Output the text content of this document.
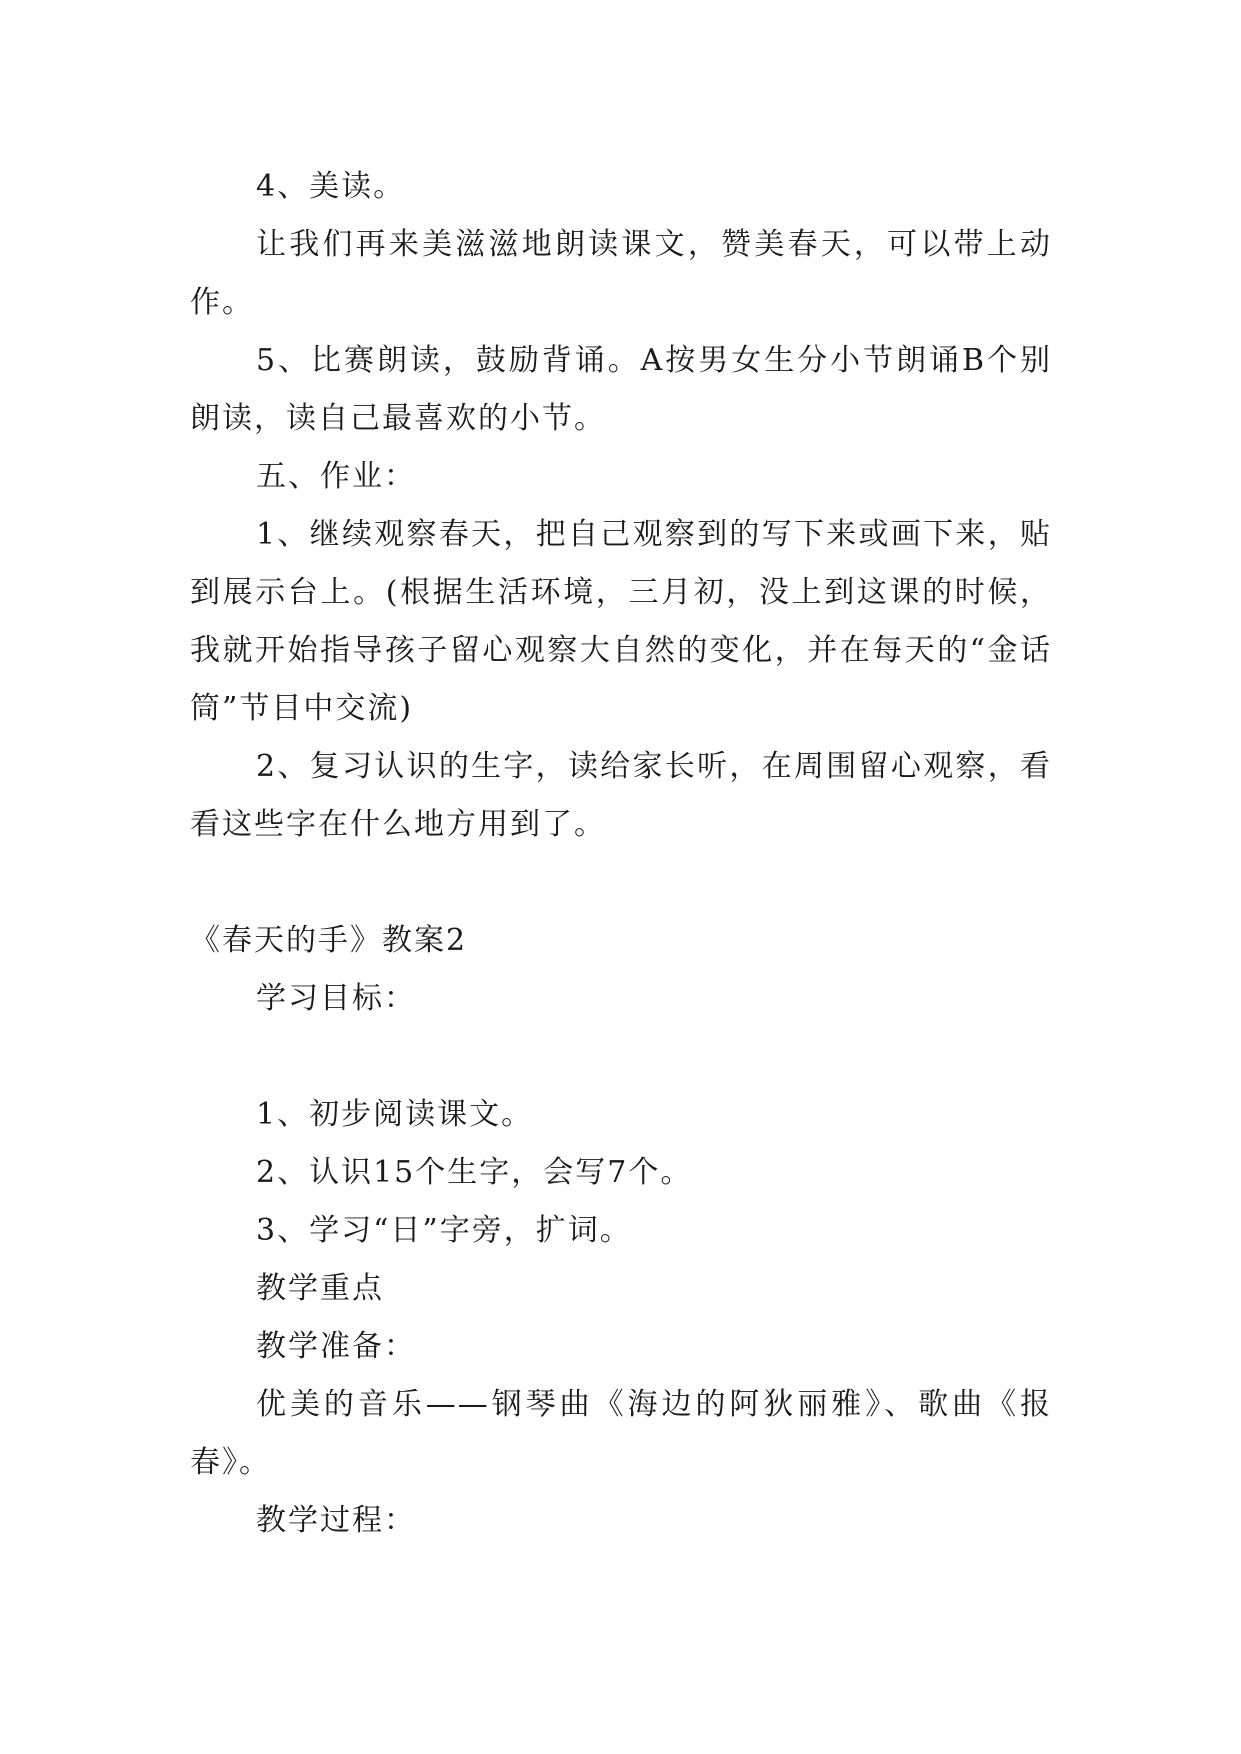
4、美读。

让我们再来美滋滋地朗读课文，赞美春天，可以带上动作。

5、比赛朗读，鼓励背诵。A按男女生分小节朗诵B个别朗读，读自己最喜欢的小节。

五、作业：

1、继续观察春天，把自己观察到的写下来或画下来，贴到展示台上。(根据生活环境，三月初，没上到这课的时候，我就开始指导孩子留心观察大自然的变化，并在每天的“金话筒”节目中交流)

2、复习认识的生字，读给家长听，在周围留心观察，看看这些字在什么地方用到了。

《春天的手》教案2

学习目标：

1、初步阅读课文。

2、认识15个生字，会写7个。

3、学习“日”字旁，扩词。

教学重点

教学准备：

优美的音乐——钢琴曲《海边的阿狄丽雅》、歌曲《报春》。

教学过程：
